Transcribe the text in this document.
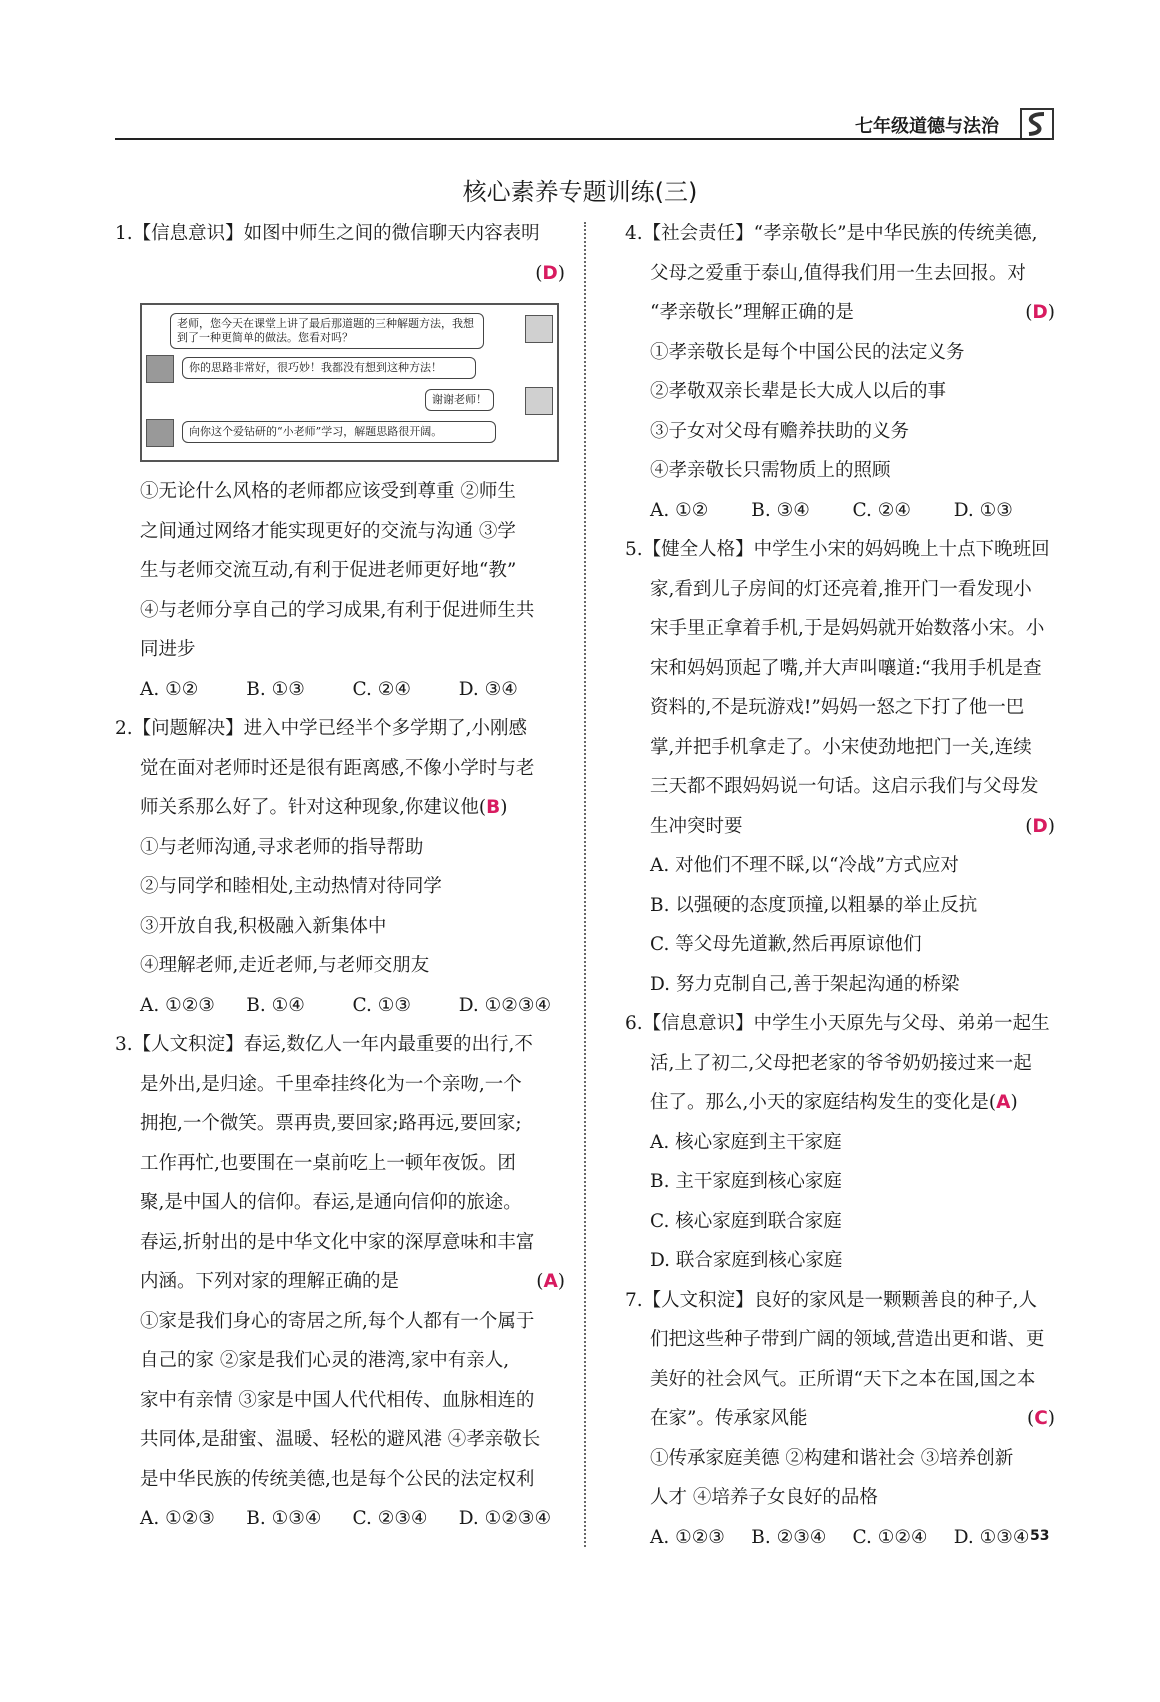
七年级道德与法治
核心素养专题训练(三)
1.【信息意识】如图中师生之间的微信聊天内容表明
(D)
老师，您今天在课堂上讲了最后那道题的三种解题方法，我想到了一种更简单的做法。您看对吗？
你的思路非常好，很巧妙！我都没有想到这种方法！
谢谢老师！
向你这个爱钻研的“小老师”学习，解题思路很开阔。
①无论什么风格的老师都应该受到尊重 ②师生
之间通过网络才能实现更好的交流与沟通 ③学
生与老师交流互动,有利于促进老师更好地“教”
④与老师分享自己的学习成果,有利于促进师生共
同进步
A. ①②	B. ①③	C. ②④	D. ③④
2.【问题解决】进入中学已经半个多学期了,小刚感
觉在面对老师时还是很有距离感,不像小学时与老
师关系那么好了。针对这种现象,你建议他(B)
①与老师沟通,寻求老师的指导帮助
②与同学和睦相处,主动热情对待同学
③开放自我,积极融入新集体中
④理解老师,走近老师,与老师交朋友
A. ①②③	B. ①④	C. ①③	D. ①②③④
3.【人文积淀】春运,数亿人一年内最重要的出行,不
是外出,是归途。千里牵挂终化为一个亲吻,一个
拥抱,一个微笑。票再贵,要回家;路再远,要回家;
工作再忙,也要围在一桌前吃上一顿年夜饭。团
聚,是中国人的信仰。春运,是通向信仰的旅途。
春运,折射出的是中华文化中家的深厚意味和丰富
内涵。下列对家的理解正确的是	(A)
①家是我们身心的寄居之所,每个人都有一个属于
自己的家 ②家是我们心灵的港湾,家中有亲人,
家中有亲情 ③家是中国人代代相传、血脉相连的
共同体,是甜蜜、温暖、轻松的避风港 ④孝亲敬长
是中华民族的传统美德,也是每个公民的法定权利
A. ①②③	B. ①③④	C. ②③④	D. ①②③④
4.【社会责任】“孝亲敬长”是中华民族的传统美德,
父母之爱重于泰山,值得我们用一生去回报。对
“孝亲敬长”理解正确的是	(D)
①孝亲敬长是每个中国公民的法定义务
②孝敬双亲长辈是长大成人以后的事
③子女对父母有赡养扶助的义务
④孝亲敬长只需物质上的照顾
A. ①②	B. ③④	C. ②④	D. ①③
5.【健全人格】中学生小宋的妈妈晚上十点下晚班回
家,看到儿子房间的灯还亮着,推开门一看发现小
宋手里正拿着手机,于是妈妈就开始数落小宋。小
宋和妈妈顶起了嘴,并大声叫嚷道:“我用手机是查
资料的,不是玩游戏!”妈妈一怒之下打了他一巴
掌,并把手机拿走了。小宋使劲地把门一关,连续
三天都不跟妈妈说一句话。这启示我们与父母发
生冲突时要	(D)
A. 对他们不理不睬,以“冷战”方式应对
B. 以强硬的态度顶撞,以粗暴的举止反抗
C. 等父母先道歉,然后再原谅他们
D. 努力克制自己,善于架起沟通的桥梁
6.【信息意识】中学生小天原先与父母、弟弟一起生
活,上了初二,父母把老家的爷爷奶奶接过来一起
住了。那么,小天的家庭结构发生的变化是(A)
A. 核心家庭到主干家庭
B. 主干家庭到核心家庭
C. 核心家庭到联合家庭
D. 联合家庭到核心家庭
7.【人文积淀】良好的家风是一颗颗善良的种子,人
们把这些种子带到广阔的领域,营造出更和谐、更
美好的社会风气。正所谓“天下之本在国,国之本
在家”。传承家风能	(C)
①传承家庭美德 ②构建和谐社会 ③培养创新
人才 ④培养子女良好的品格
A. ①②③	B. ②③④	C. ①②④	D. ①③④ 53
